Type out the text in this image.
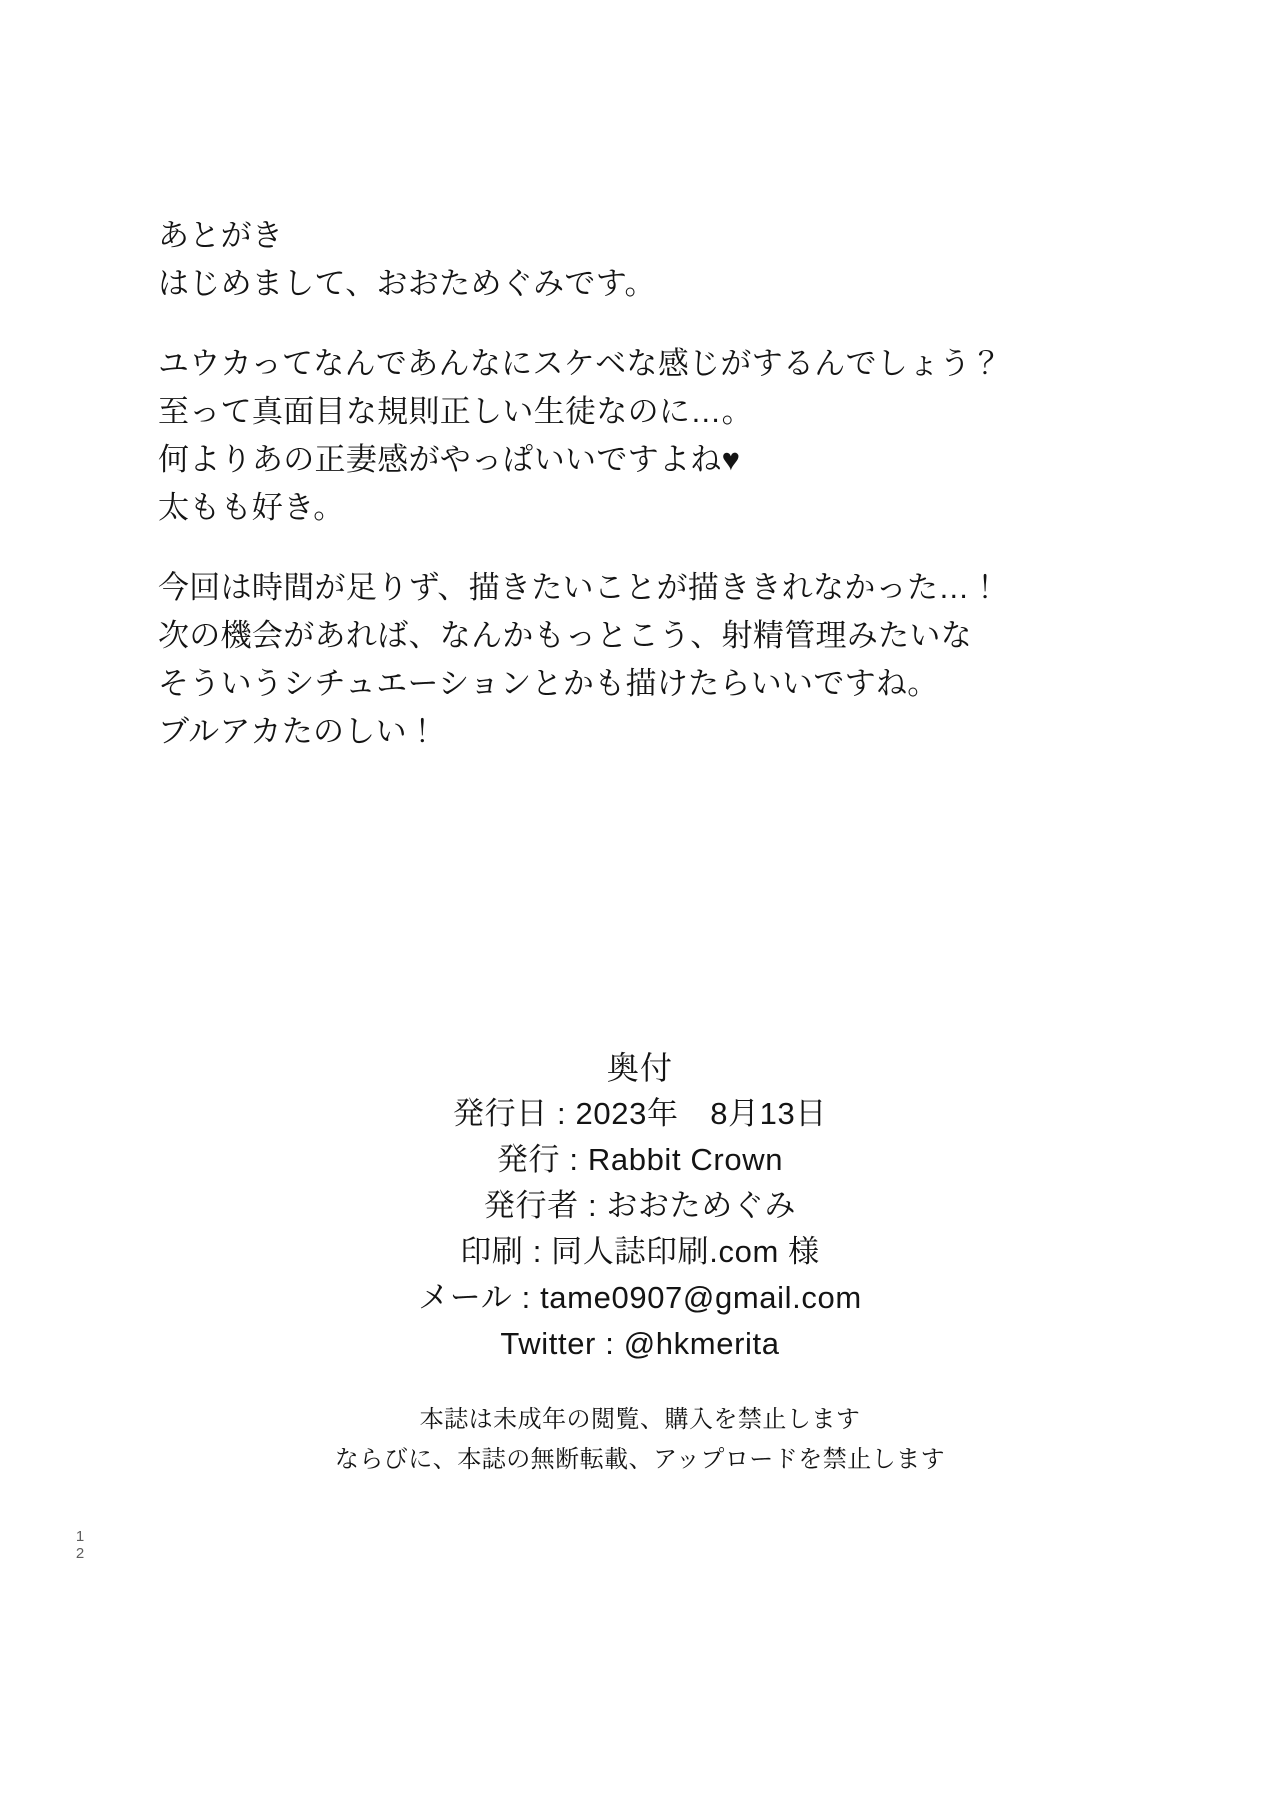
あとがき
はじめまして、おおためぐみです。
ユウカってなんであんなにスケベな感じがするんでしょう？
至って真面目な規則正しい生徒なのに…。
何よりあの正妻感がやっぱいいですよね♥
太もも好き。
今回は時間が足りず、描きたいことが描ききれなかった…！
次の機会があれば、なんかもっとこう、射精管理みたいな
そういうシチュエーションとかも描けたらいいですね。
ブルアカたのしい！
奥付
発行日 : 2023年　8月13日
発行 : Rabbit Crown
発行者 : おおためぐみ
印刷 : 同人誌印刷.com 様
メール : tame0907@gmail.com
Twitter : @hkmerita
本誌は未成年の閲覧、購入を禁止します
ならびに、本誌の無断転載、アップロードを禁止します
1
2
